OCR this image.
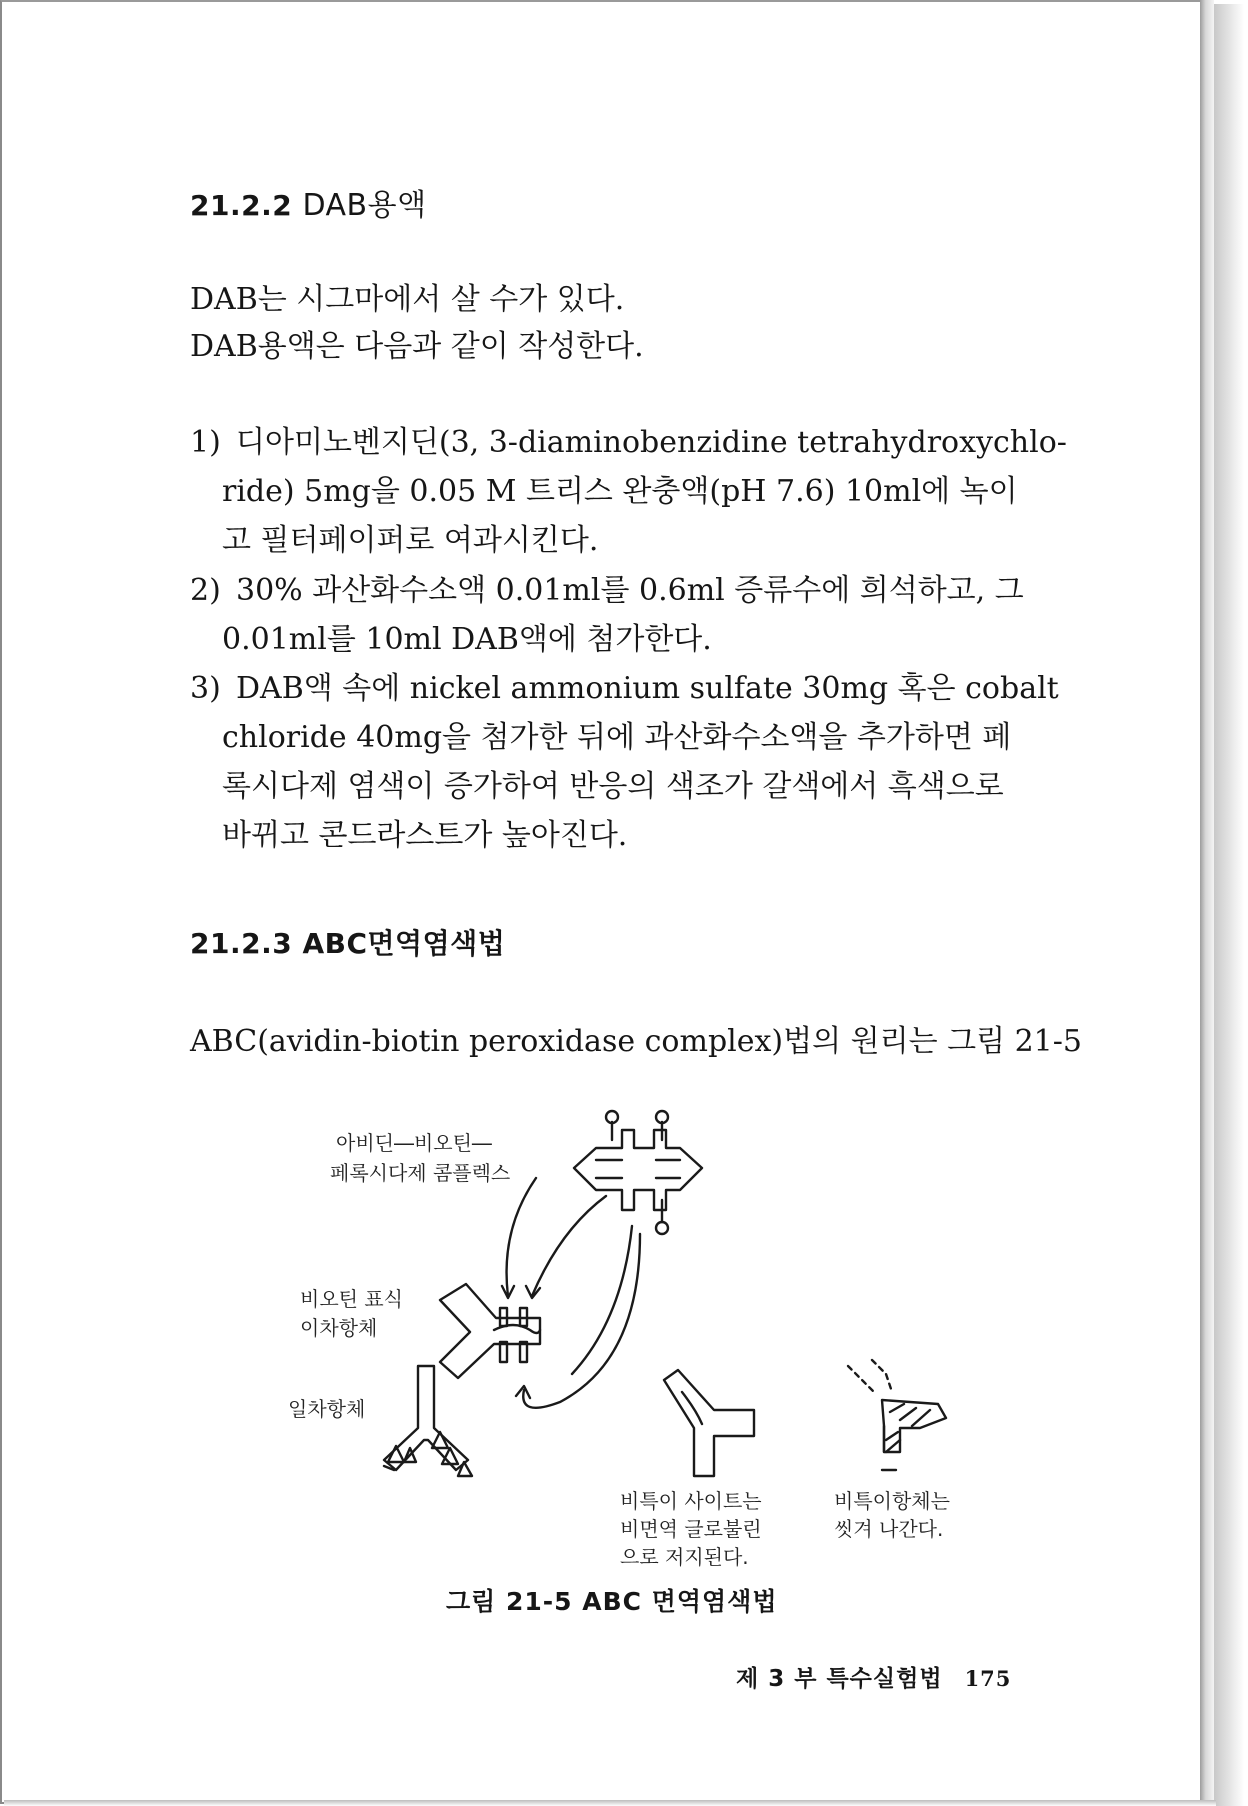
21.2.2 DAB용액
DAB는 시그마에서 살 수가 있다.
DAB용액은 다음과 같이 작성한다.
1) 디아미노벤지딘(3, 3-diaminobenzidine tetrahydroxychlo-
ride) 5mg을 0.05 M 트리스 완충액(pH 7.6) 10ml에 녹이
고 필터페이퍼로 여과시킨다.
2) 30% 과산화수소액 0.01ml를 0.6ml 증류수에 희석하고, 그
0.01ml를 10ml DAB액에 첨가한다.
3) DAB액 속에 nickel ammonium sulfate 30mg 혹은 cobalt
chloride 40mg을 첨가한 뒤에 과산화수소액을 추가하면 페
록시다제 염색이 증가하여 반응의 색조가 갈색에서 흑색으로
바뀌고 콘드라스트가 높아진다.
21.2.3 ABC면역염색법
ABC(avidin-biotin peroxidase complex)법의 원리는 그림 21-5
아비딘―비오틴―
페록시다제 콤플렉스
비오틴 표식
이차항체
일차항체
비특이 사이트는
비면역 글로불린
으로 저지된다.
비특이항체는
씻겨 나간다.
그림 21-5 ABC 면역염색법
제 3 부 특수실험법 175
